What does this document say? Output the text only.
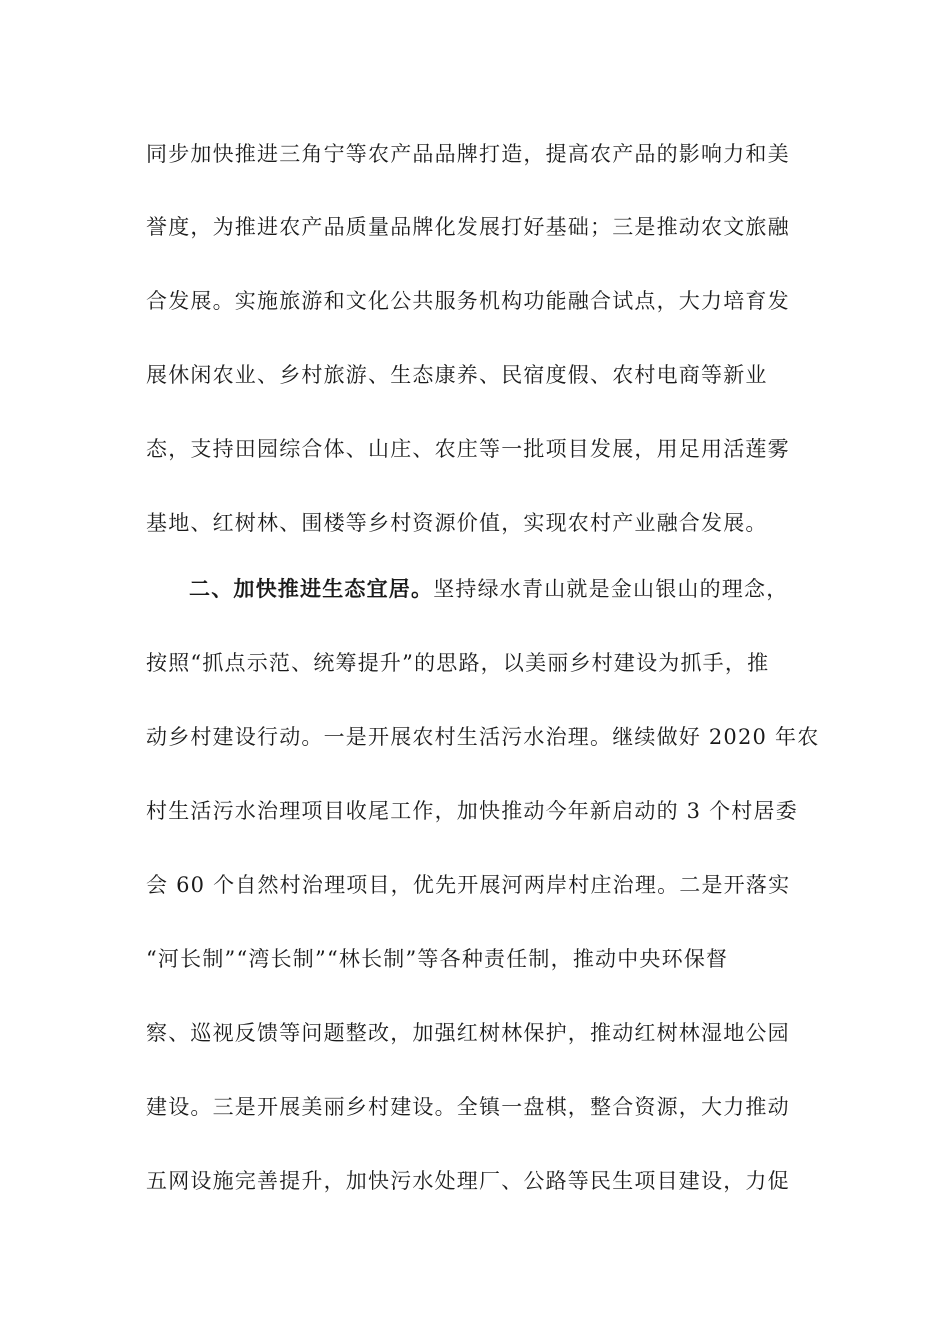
同步加快推进三角宁等农产品品牌打造，提高农产品的影响力和美
誉度，为推进农产品质量品牌化发展打好基础；三是推动农文旅融
合发展。实施旅游和文化公共服务机构功能融合试点，大力培育发
展休闲农业、乡村旅游、生态康养、民宿度假、农村电商等新业
态，支持田园综合体、山庄、农庄等一批项目发展，用足用活莲雾
基地、红树林、围楼等乡村资源价值，实现农村产业融合发展。
二、加快推进生态宜居。坚持绿水青山就是金山银山的理念，
按照“抓点示范、统筹提升”的思路，以美丽乡村建设为抓手，推
动乡村建设行动。一是开展农村生活污水治理。继续做好 2020 年农
村生活污水治理项目收尾工作，加快推动今年新启动的 3 个村居委
会 60 个自然村治理项目，优先开展河两岸村庄治理。二是开落实
“河长制”“湾长制”“林长制”等各种责任制，推动中央环保督
察、巡视反馈等问题整改，加强红树林保护，推动红树林湿地公园
建设。三是开展美丽乡村建设。全镇一盘棋，整合资源，大力推动
五网设施完善提升，加快污水处理厂、公路等民生项目建设，力促
